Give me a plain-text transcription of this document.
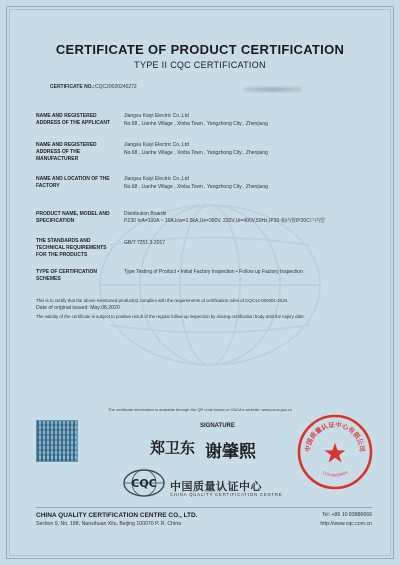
CERTIFICATE OF PRODUCT CERTIFICATION
TYPE II CQC CERTIFICATION
CERTIFICATE NO.: CQC20020245272
NAME AND REGISTERED ADDRESS OF THE APPLICANT
Jiangsu Kaiyi Electric Co.,Ltd
No.68 , Lianhe Village , Xinba Town , Yangzhong City , Zhenjiang
NAME AND REGISTERED ADDRESS OF THE MANUFACTURER
Jiangsu Kaiyi Electric Co.,Ltd
No.68 , Lianhe Village , Xinba Town , Yangzhong City , Zhenjiang
NAME AND LOCATION OF THE FACTORY
Jiangsu Kaiyi Electric Co.,Ltd
No.68 , Lianhe Village , Xinba Town , Yangzhong City , Zhenjiang
PRODUCT NAME, MODEL AND SPECIFICATION
Distribution Boards
PZ30 InA=100A ~ 10A,Icw=1.5kA,Ue=380V, 220V,Ui=400V,50Hz,IP30-箱内置IP20C户内型
THE STANDARDS AND TECHNICAL REQUIREMENTS FOR THE PRODUCTS
GB/T 7251.3-2017
TYPE OF CERTIFICATION SCHEMES
Type Testing of Product • Initial Factory Inspection • Follow up Factory Inspection
This is to certify that the above mentioned product(s) complies with the requirements of certification rules of CQC12-000001-2020.
Date of original issued: May.06,2020
The validity of the certificate is subject to positive result of the regular follow up inspection by issuing certification body until the expiry date.
The certificate information is available through the QR code below or CNCA's website: www.cnca.gov.cn
SIGNATURE
郑卫东 谢肇熙	中国质量认证中心有限公司
110108028064
CQC 中国质量认证中心
CHINA QUALITY CERTIFICATION CENTRE
CHINA QUALITY CERTIFICATION CENTRE CO., LTD.
Section 9, No. 188, Nansihuan Xilu, Beijing 100070 P. R. China
Tel: +86 10 83886666
http://www.cqc.com.cn
